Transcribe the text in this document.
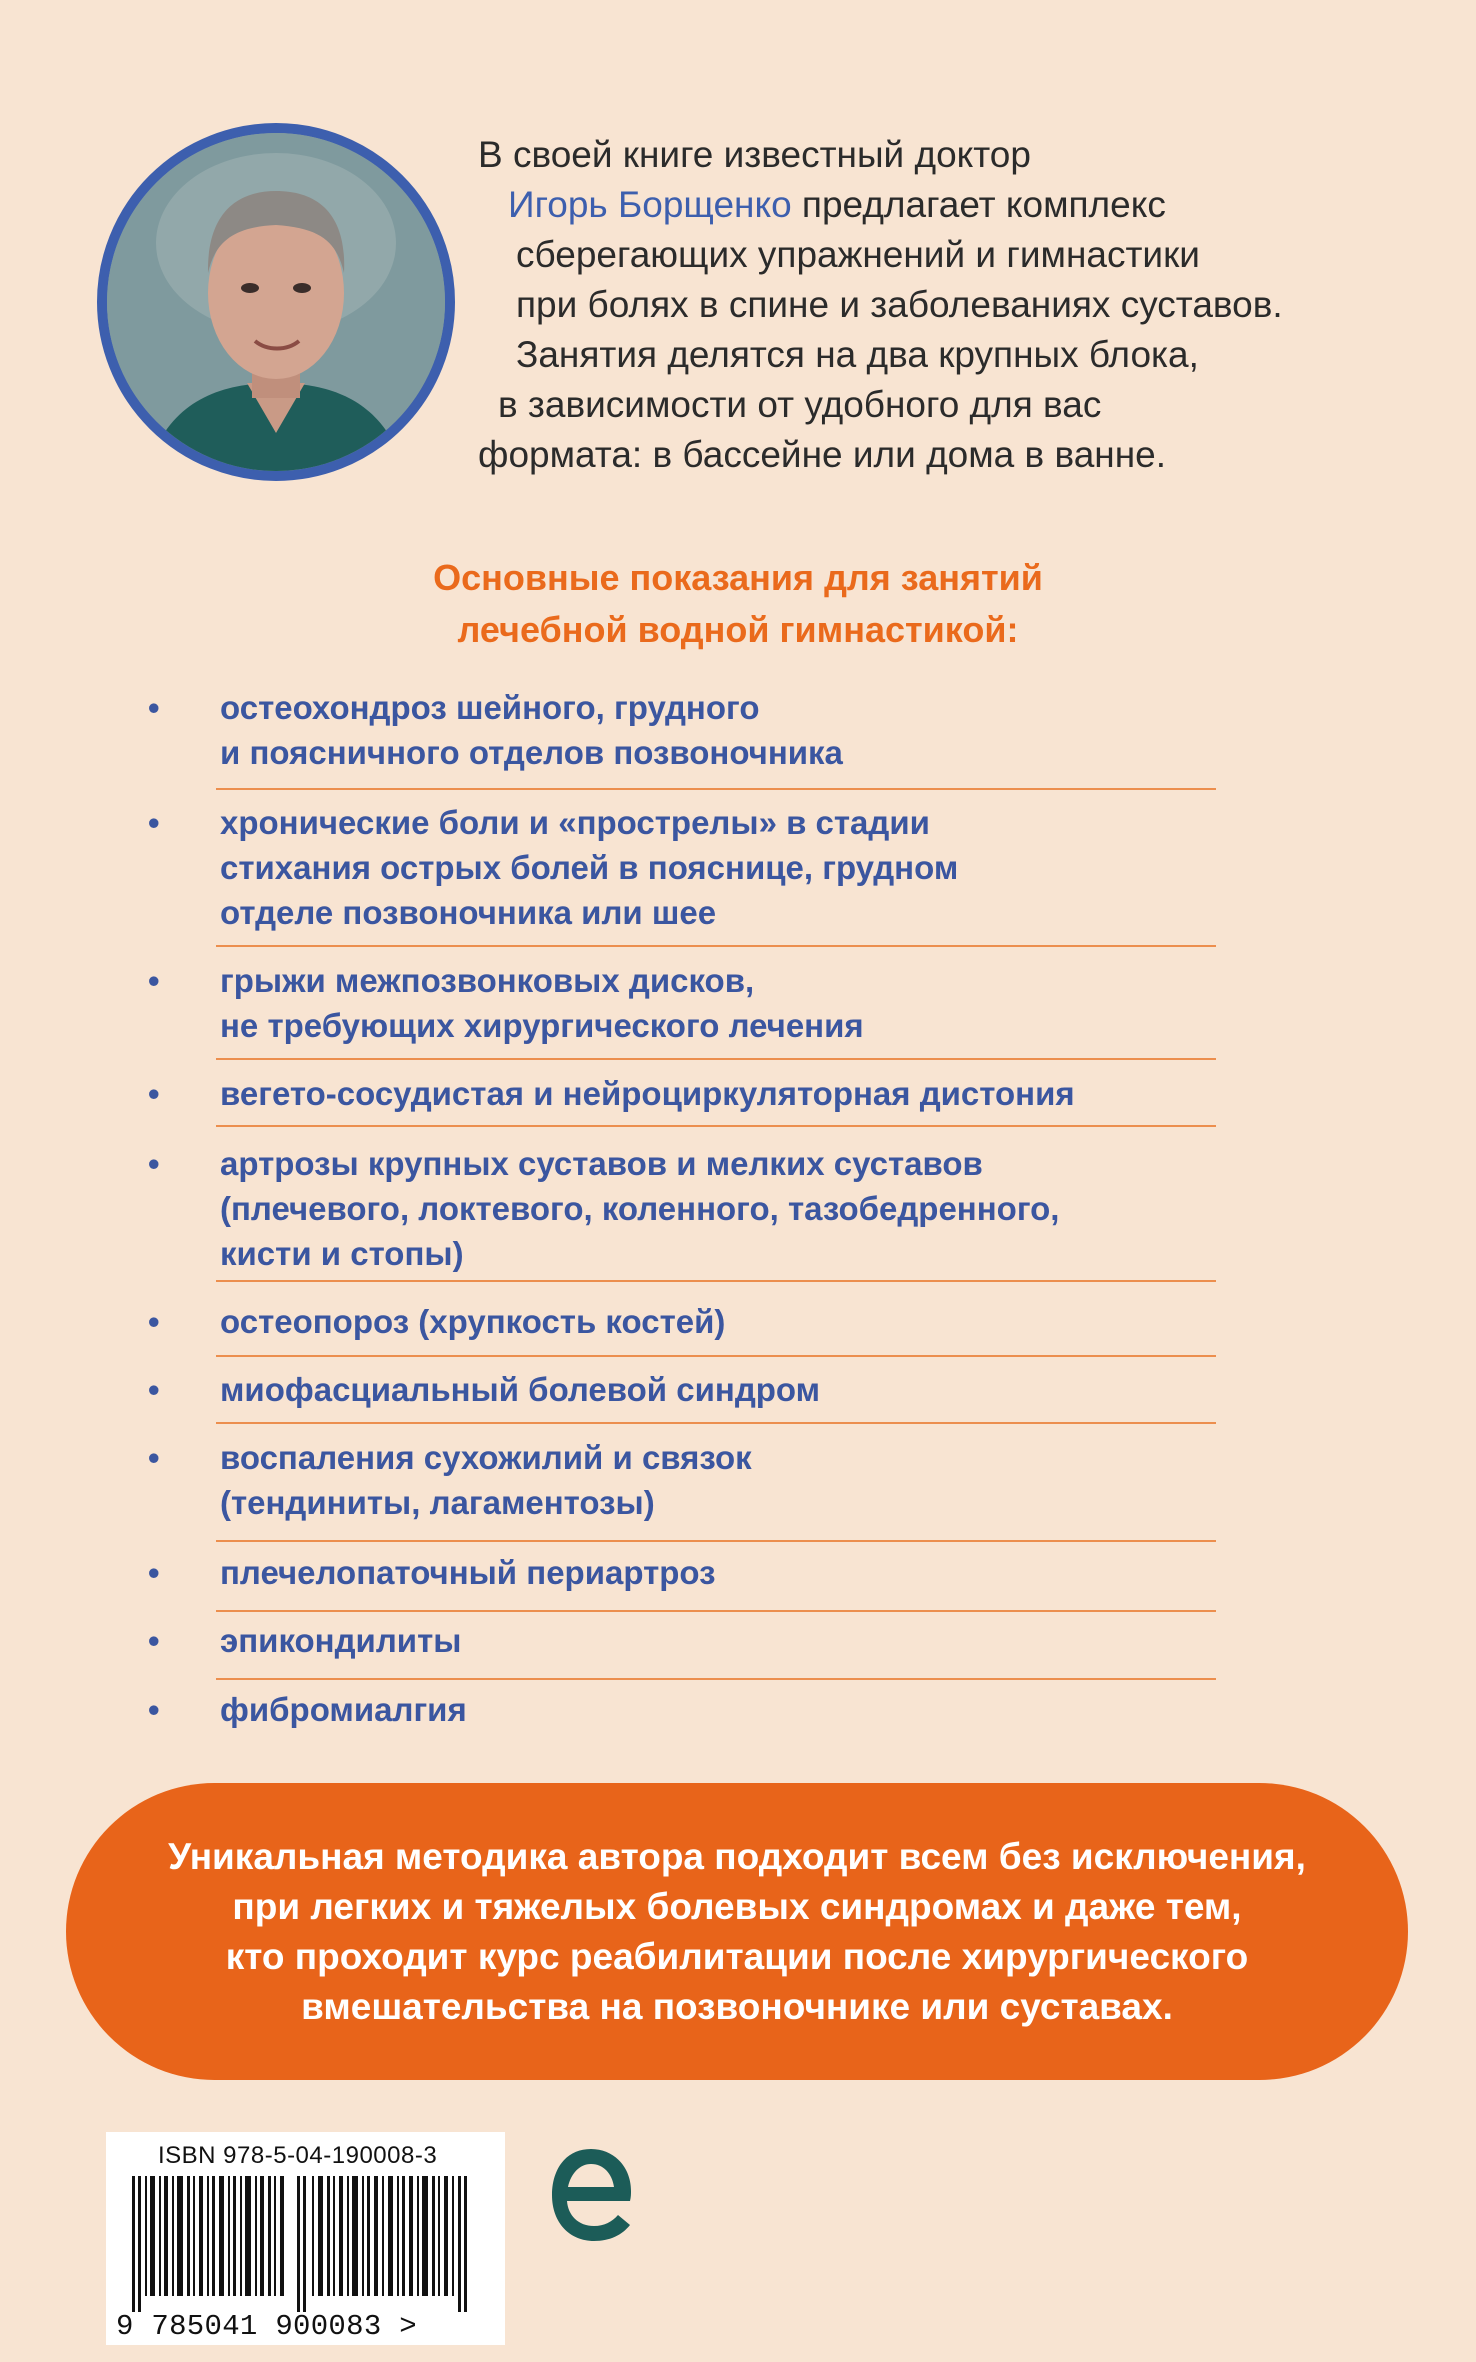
В своей книге известный доктор
Игорь Борщенко предлагает комплекс
сберегающих упражнений и гимнастики
при болях в спине и заболеваниях суставов.
Занятия делятся на два крупных блока,
в зависимости от удобного для вас
формата: в бассейне или дома в ванне.
Основные показания для занятий
лечебной водной гимнастикой:
• остеохондроз шейного, грудного
и поясничного отделов позвоночника
• хронические боли и «прострелы» в стадии
стихания острых болей в пояснице, грудном
отделе позвоночника или шее
• грыжи межпозвонковых дисков,
не требующих хирургического лечения
• вегето-сосудистая и нейроциркуляторная дистония
• артрозы крупных суставов и мелких суставов
(плечевого, локтевого, коленного, тазобедренного,
кисти и стопы)
• остеопороз (хрупкость костей)
• миофасциальный болевой синдром
• воспаления сухожилий и связок
(тендиниты, лагаментозы)
• плечелопаточный периартроз
• эпикондилиты
• фибромиалгия
Уникальная методика автора подходит всем без исключения,
при легких и тяжелых болевых синдромах и даже тем,
кто проходит курс реабилитации после хирургического
вмешательства на позвоночнике или суставах.
ISBN 978-5-04-190008-3
9 785041 900083 >
